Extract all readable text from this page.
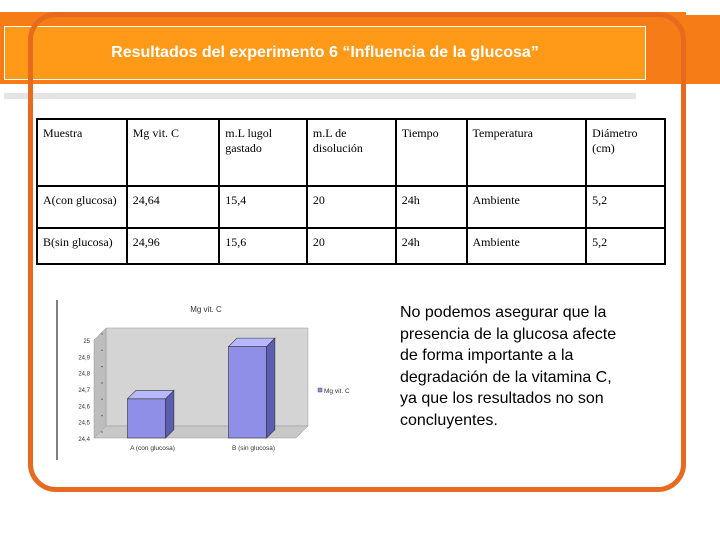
Resultados del experimento 6 “Influencia de la glucosa”
Muestra	Mg vit. C	m.L lugol gastado	m.L de disolución	Tiempo	Temperatura	Diámetro (cm)
A(con glucosa)	24,64	15,4	20	24h	Ambiente	5,2
B(sin glucosa)	24,96	15,6	20	24h	Ambiente	5,2
Mg vit. C
24,4
24,5
24,6
24,7
24,8
24,9
25
A (con glucosa)	B (sin glucosa)
Mg vit. C
No podemos asegurar que la presencia de la glucosa afecte de forma importante a la degradación de la vitamina C, ya que los resultados no son concluyentes.
